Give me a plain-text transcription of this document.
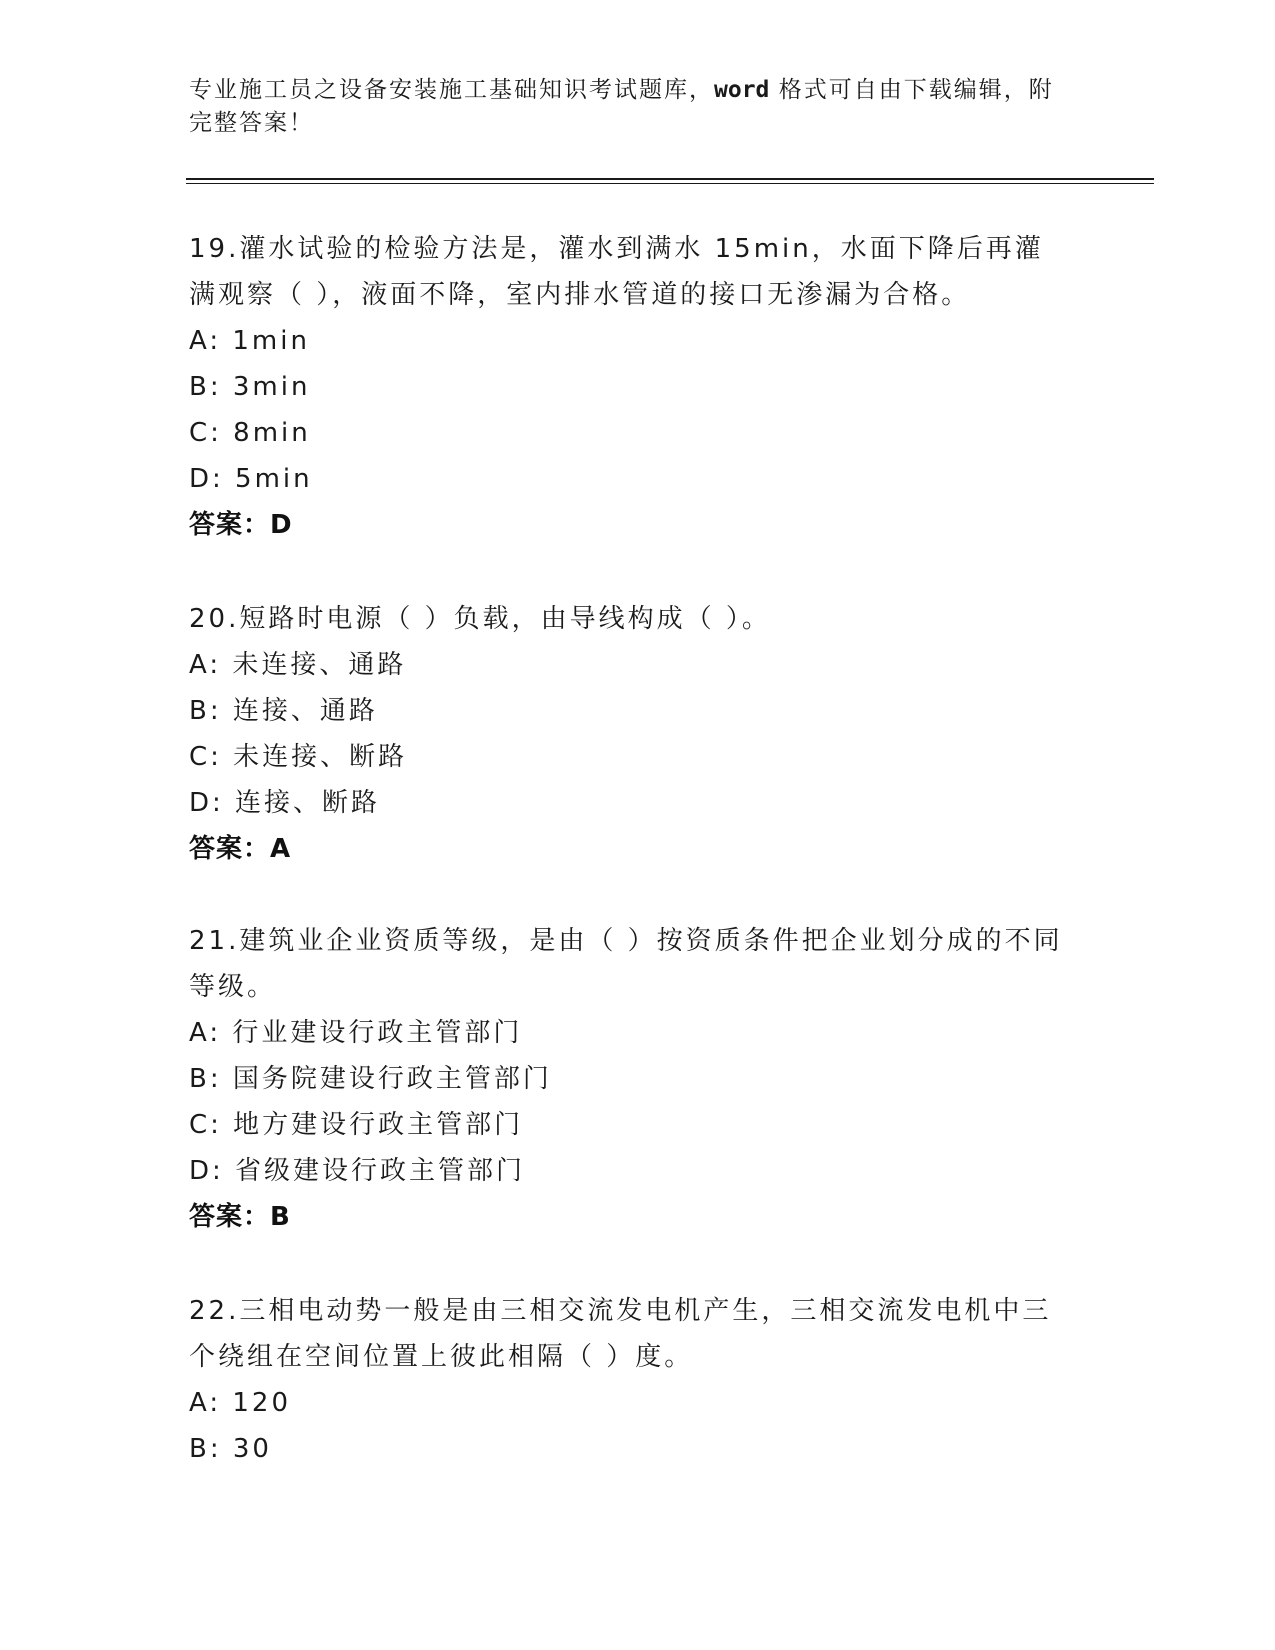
专业施工员之设备安装施工基础知识考试题库，word 格式可自由下载编辑，附完整答案！

19.灌水试验的检验方法是，灌水到满水 15min，水面下降后再灌满观察（ ），液面不降，室内排水管道的接口无渗漏为合格。

A: 1min
B: 3min
C: 8min
D: 5min
答案：D

20.短路时电源（ ）负载，由导线构成（ ）。

A: 未连接、通路
B: 连接、通路
C: 未连接、断路
D: 连接、断路
答案：A

21.建筑业企业资质等级，是由（ ）按资质条件把企业划分成的不同等级。

A: 行业建设行政主管部门
B: 国务院建设行政主管部门
C: 地方建设行政主管部门
D: 省级建设行政主管部门
答案：B

22.三相电动势一般是由三相交流发电机产生，三相交流发电机中三个绕组在空间位置上彼此相隔（ ）度。

A: 120
B: 30
